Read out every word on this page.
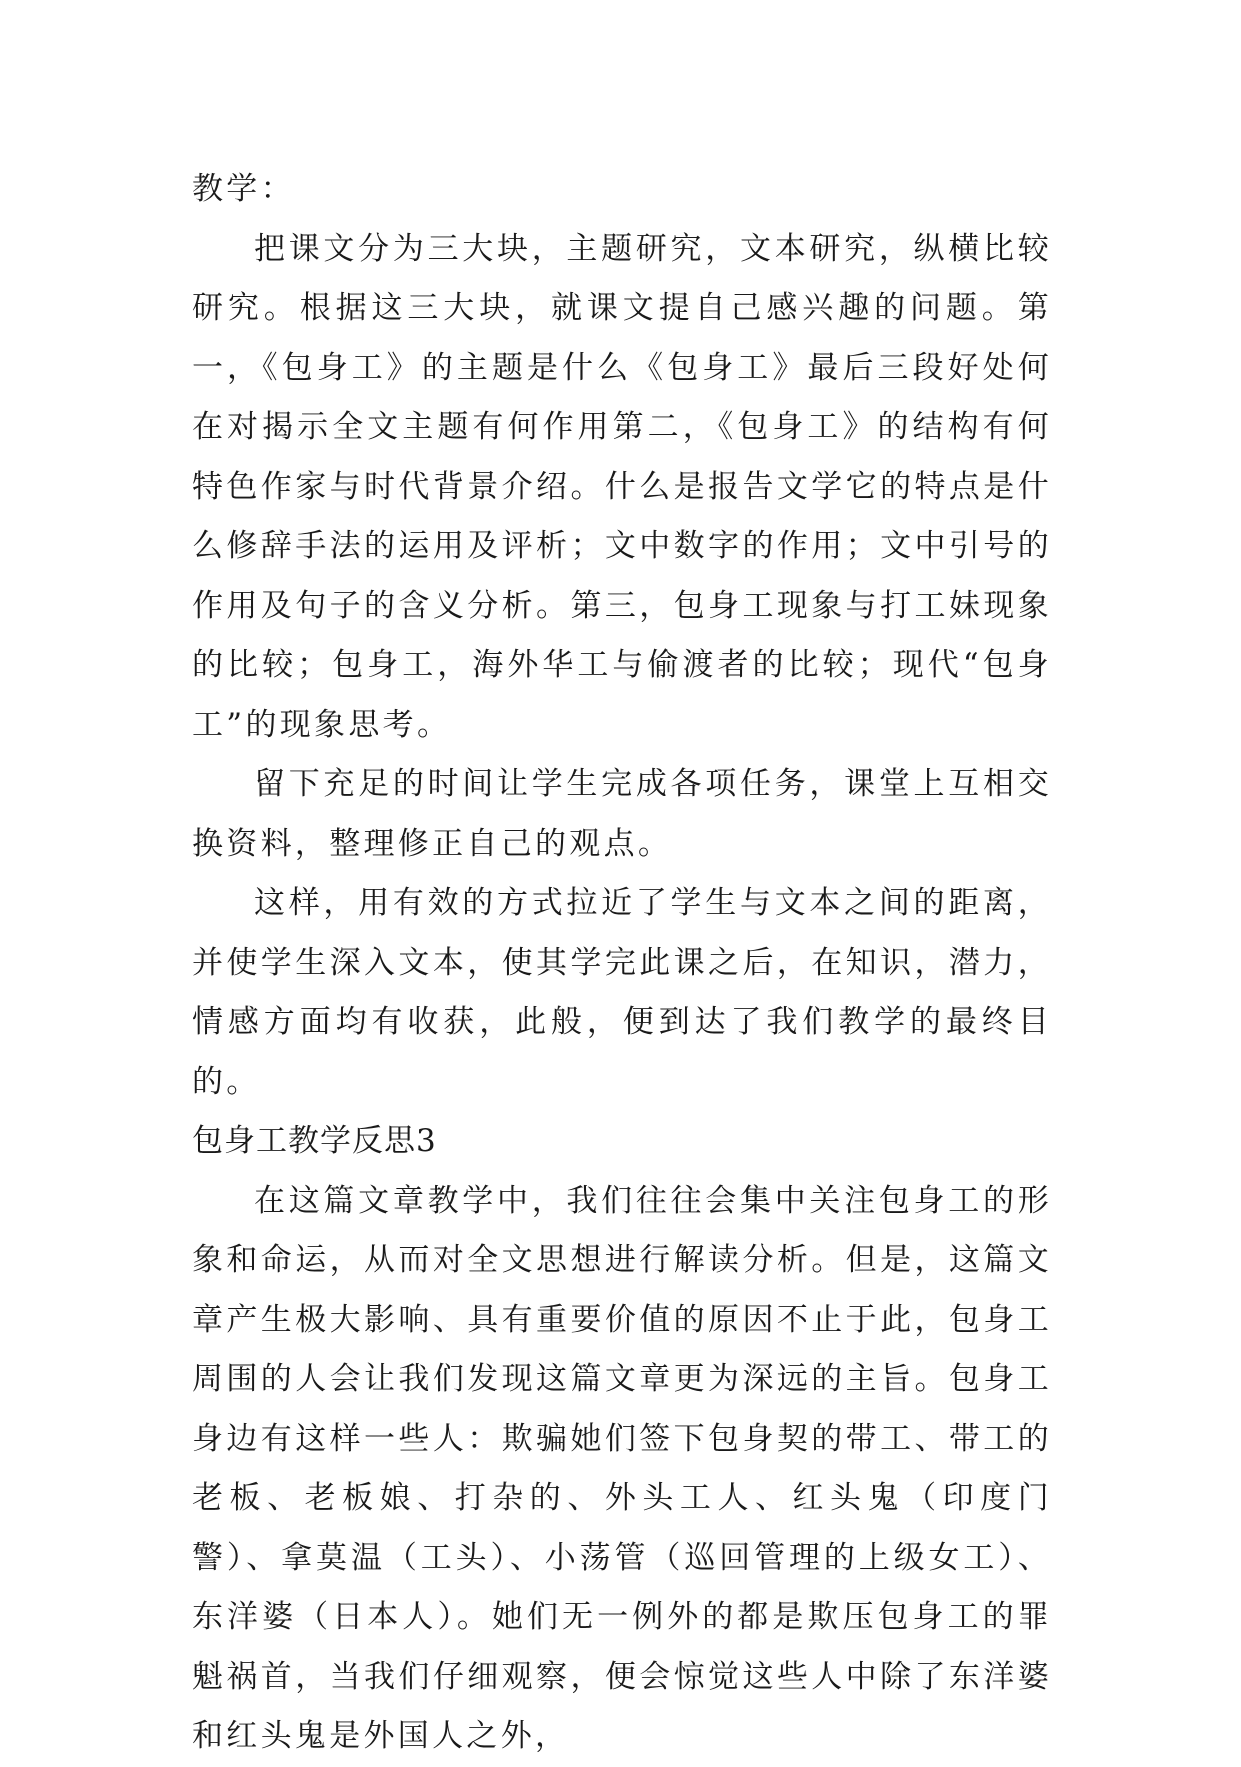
教学：

把课文分为三大块，主题研究，文本研究，纵横比较研究。根据这三大块，就课文提自己感兴趣的问题。第一，《包身工》的主题是什么《包身工》最后三段好处何在对揭示全文主题有何作用第二，《包身工》的结构有何特色作家与时代背景介绍。什么是报告文学它的特点是什么修辞手法的运用及评析；文中数字的作用；文中引号的作用及句子的含义分析。第三，包身工现象与打工妹现象的比较；包身工，海外华工与偷渡者的比较；现代“包身工”的现象思考。

留下充足的时间让学生完成各项任务，课堂上互相交换资料，整理修正自己的观点。

这样，用有效的方式拉近了学生与文本之间的距离，并使学生深入文本，使其学完此课之后，在知识，潜力，情感方面均有收获，此般，便到达了我们教学的最终目的。

包身工教学反思3

在这篇文章教学中，我们往往会集中关注包身工的形象和命运，从而对全文思想进行解读分析。但是，这篇文章产生极大影响、具有重要价值的原因不止于此，包身工周围的人会让我们发现这篇文章更为深远的主旨。包身工身边有这样一些人：欺骗她们签下包身契的带工、带工的老板、老板娘、打杂的、外头工人、红头鬼（印度门警）、拿莫温（工头）、小荡管（巡回管理的上级女工）、东洋婆（日本人）。她们无一例外的都是欺压包身工的罪魁祸首，当我们仔细观察，便会惊觉这些人中除了东洋婆和红头鬼是外国人之外，
